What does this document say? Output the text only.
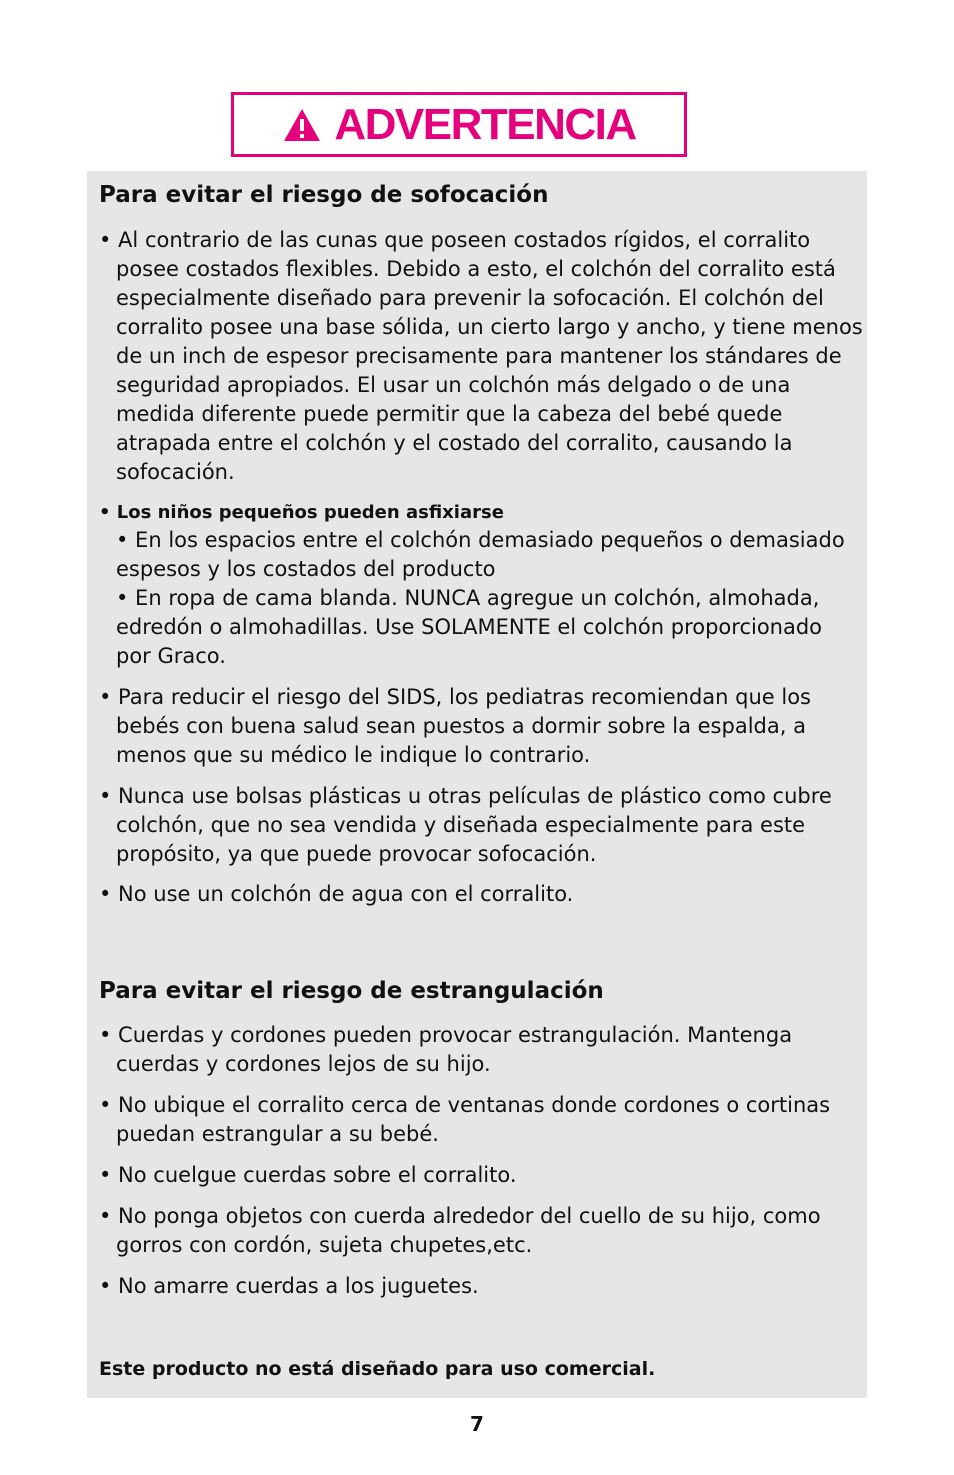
ADVERTENCIA
Para evitar el riesgo de sofocación

• Al contrario de las cunas que poseen costados rígidos, el corralito posee costados flexibles. Debido a esto, el colchón del corralito está especialmente diseñado para prevenir la sofocación. El colchón del corralito posee una base sólida, un cierto largo y ancho, y tiene menos de un inch de espesor precisamente para mantener los stándares de seguridad apropiados. El usar un colchón más delgado o de una medida diferente puede permitir que la cabeza del bebé quede atrapada entre el colchón y el costado del corralito, causando la sofocación.

• Los niños pequeños pueden asfixiarse

• En los espacios entre el colchón demasiado pequeños o demasiado espesos y los costados del producto
• En ropa de cama blanda. NUNCA agregue un colchón, almohada, edredón o almohadillas. Use SOLAMENTE el colchón proporcionado por Graco.

• Para reducir el riesgo del SIDS, los pediatras recomiendan que los bebés con buena salud sean puestos a dormir sobre la espalda, a menos que su médico le indique lo contrario.

• Nunca use bolsas plásticas u otras películas de plástico como cubre colchón, que no sea vendida y diseñada especialmente para este propósito, ya que puede provocar sofocación.

• No use un colchón de agua con el corralito.

Para evitar el riesgo de estrangulación

• Cuerdas y cordones pueden provocar estrangulación. Mantenga cuerdas y cordones lejos de su hijo.

• No ubique el corralito cerca de ventanas donde cordones o cortinas puedan estrangular a su bebé.

• No cuelgue cuerdas sobre el corralito.

• No ponga objetos con cuerda alrededor del cuello de su hijo, como gorros con cordón, sujeta chupetes,etc.

• No amarre cuerdas a los juguetes.

Este producto no está diseñado para uso comercial.

7
